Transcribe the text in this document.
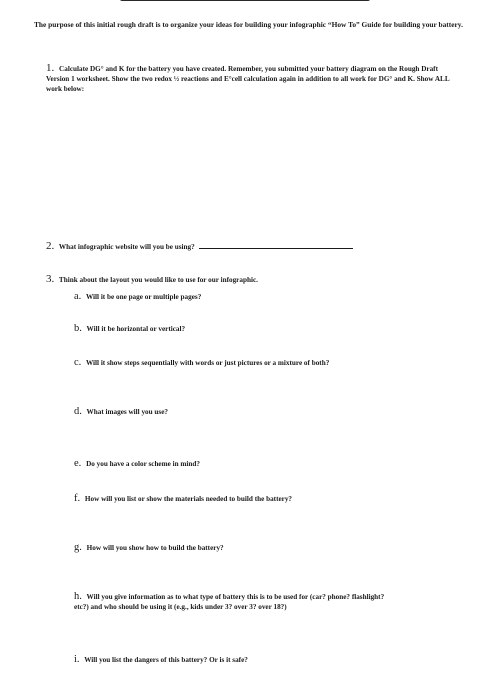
The purpose of this initial rough draft is to organize your ideas for building your infographic “How To” Guide for building your battery.
1. Calculate DG° and K for the battery you have created. Remember, you submitted your battery diagram on the Rough Draft Version 1 worksheet. Show the two redox ½ reactions and E°cell calculation again in addition to all work for DG° and K. Show ALL work below:
2. What infographic website will you be using?
3. Think about the layout you would like to use for our infographic.
a. Will it be one page or multiple pages?
b. Will it be horizontal or vertical?
c. Will it show steps sequentially with words or just pictures or a mixture of both?
d. What images will you use?
e. Do you have a color scheme in mind?
f. How will you list or show the materials needed to build the battery?
g. How will you show how to build the battery?
h. Will you give information as to what type of battery this is to be used for (car? phone? flashlight? etc?) and who should be using it (e.g., kids under 3? over 3? over 18?)
i. Will you list the dangers of this battery? Or is it safe?
